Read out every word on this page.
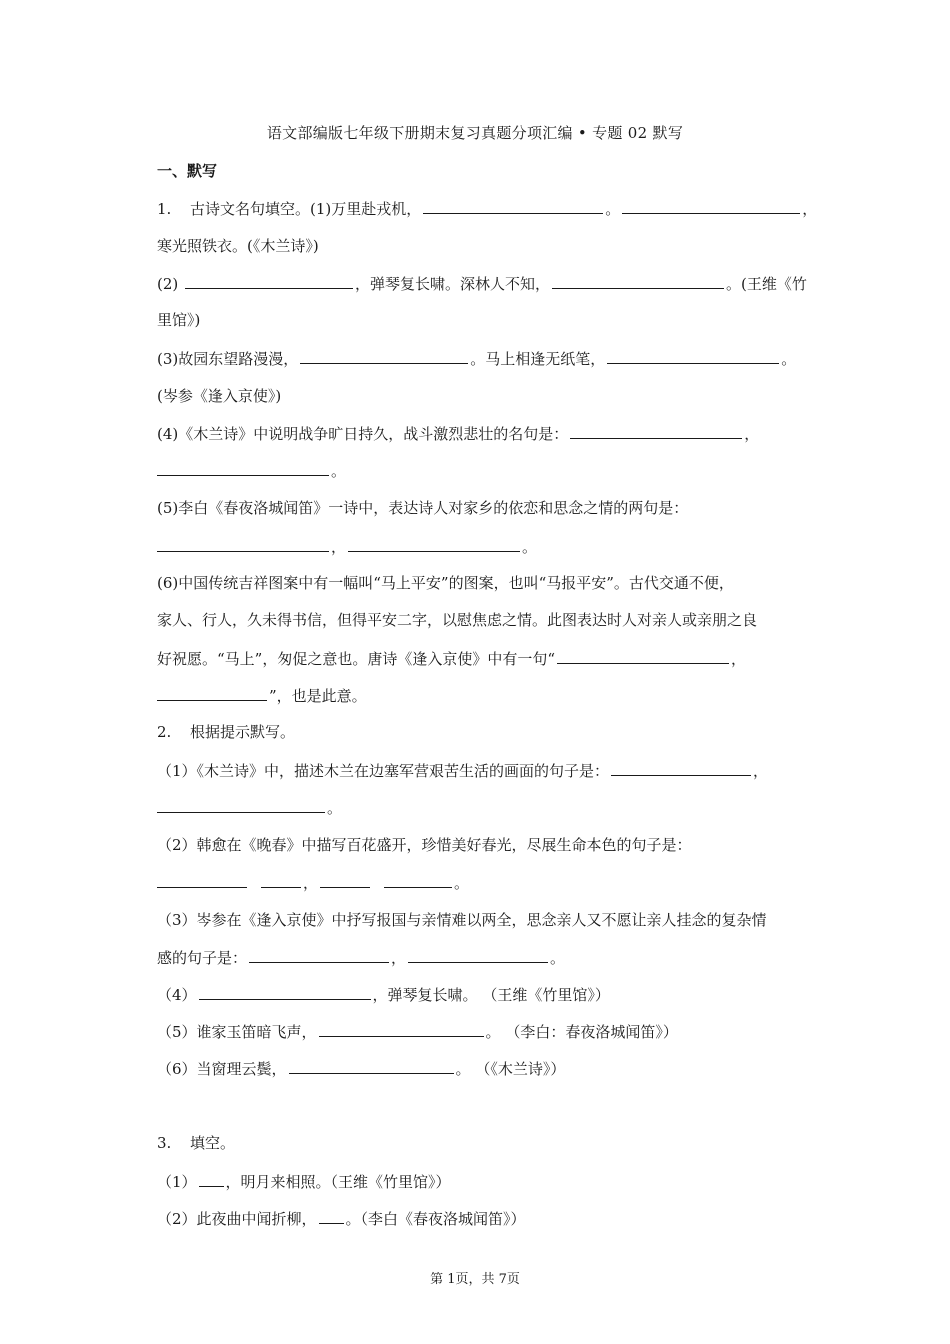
语文部编版七年级下册期末复习真题分项汇编 • 专题 02 默写
一、默写
1. 古诗文名句填空。(1)万里赴戎机，	。	，
寒光照铁衣。(《木兰诗》)
(2)	，弹琴复长啸。深林人不知，	。(王维《竹
里馆》)
(3)故园东望路漫漫，	。马上相逢无纸笔，	。
(岑参《逢入京使》)
(4)《木兰诗》中说明战争旷日持久，战斗激烈悲壮的名句是：	，
。
(5)李白《春夜洛城闻笛》一诗中，表达诗人对家乡的依恋和思念之情的两句是：
，	。
(6)中国传统吉祥图案中有一幅叫“马上平安”的图案，也叫“马报平安”。古代交通不便，
家人、行人，久未得书信，但得平安二字，以慰焦虑之情。此图表达时人对亲人或亲朋之良
好祝愿。“马上”，匆促之意也。唐诗《逢入京使》中有一句“	，
”，也是此意。
2. 根据提示默写。
（1）《木兰诗》中，描述木兰在边塞军营艰苦生活的画面的句子是：	，
。
（2）韩愈在《晚春》中描写百花盛开，珍惜美好春光，尽展生命本色的句子是：
，	。
（3）岑参在《逢入京使》中抒写报国与亲情难以两全，思念亲人又不愿让亲人挂念的复杂情
感的句子是：	，	。
（4）	，弹琴复长啸。 （王维《竹里馆》）
（5）谁家玉笛暗飞声，	。 （李白：春夜洛城闻笛》）
（6）当窗理云鬓，	。 （《木兰诗》）
3. 填空。
（1） ，明月来相照。（王维《竹里馆》）
（2）此夜曲中闻折柳， 。（李白《春夜洛城闻笛》）
第 1页，共 7页
